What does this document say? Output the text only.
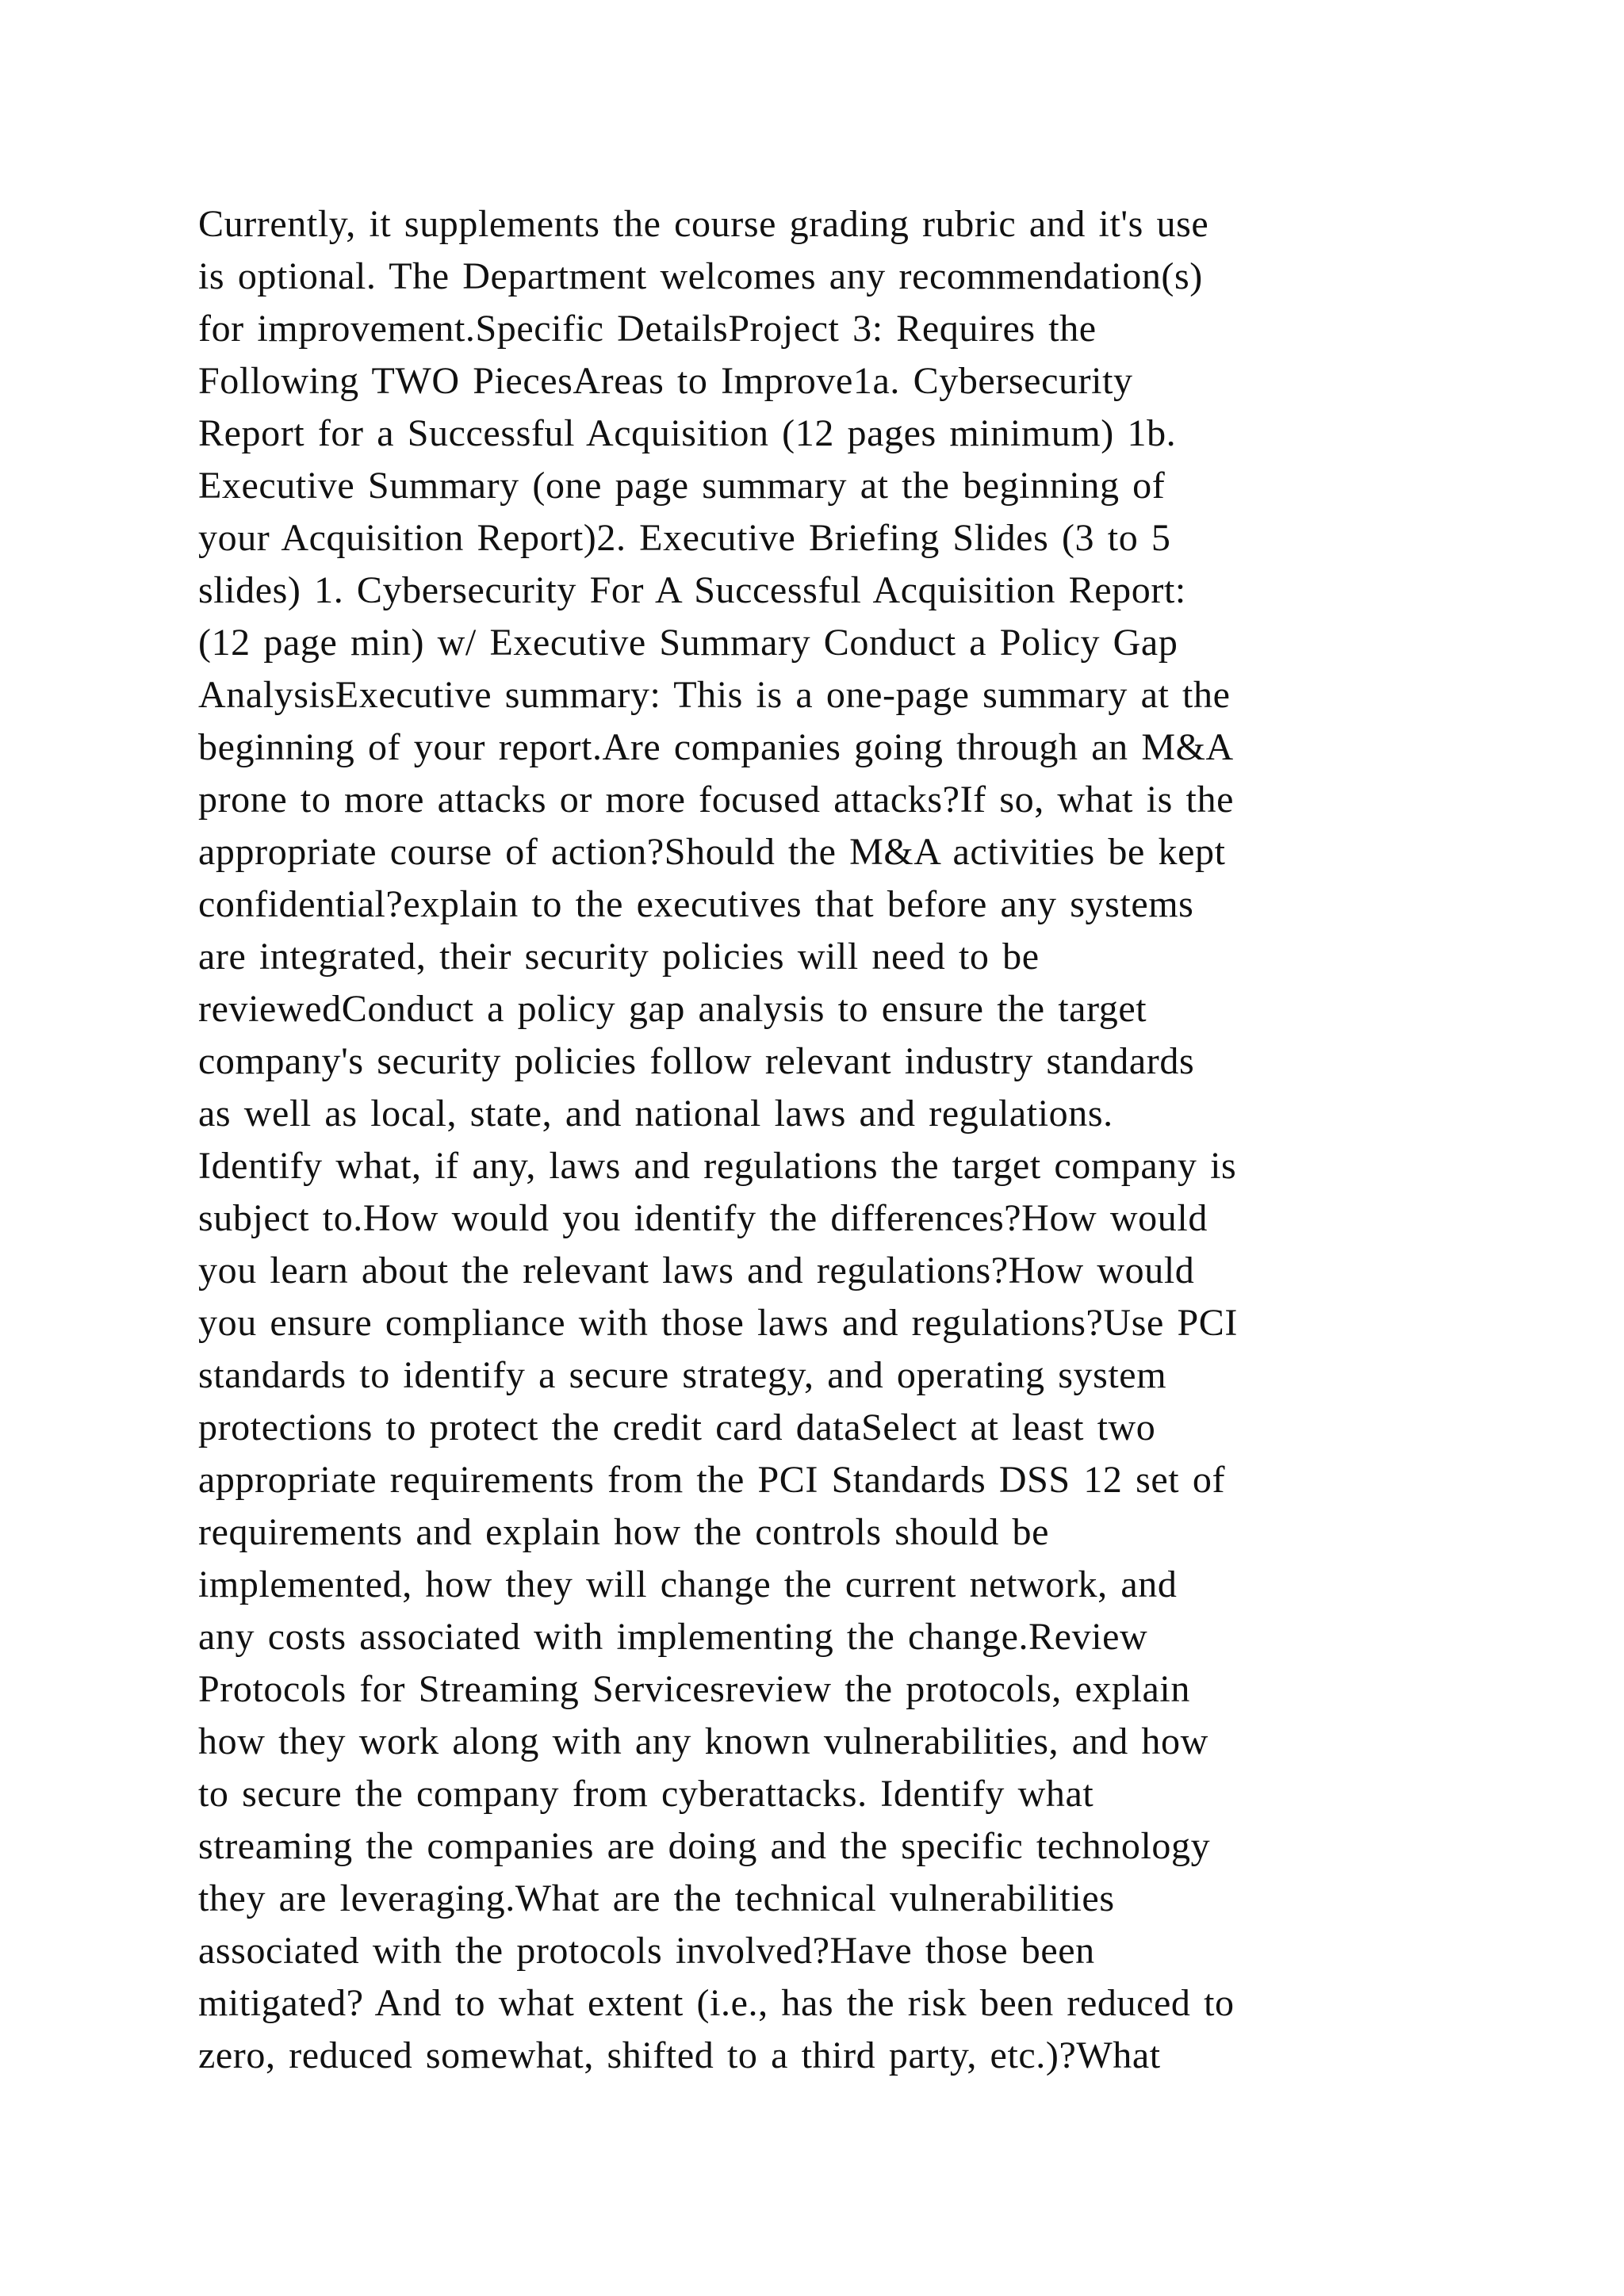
Currently, it supplements the course grading rubric and it's use
is optional. The Department welcomes any recommendation(s)
for improvement.Specific DetailsProject 3: Requires the
Following TWO PiecesAreas to Improve1a. Cybersecurity
Report for a Successful Acquisition (12 pages minimum) 1b.
Executive Summary (one page summary at the beginning of
your Acquisition Report)2. Executive Briefing Slides (3 to 5
slides) 1. Cybersecurity For A Successful Acquisition Report:
(12 page min) w/ Executive Summary Conduct a Policy Gap
AnalysisExecutive summary: This is a one-page summary at the
beginning of your report.Are companies going through an M&A
prone to more attacks or more focused attacks?If so, what is the
appropriate course of action?Should the M&A activities be kept
confidential?explain to the executives that before any systems
are integrated, their security policies will need to be
reviewedConduct a policy gap analysis to ensure the target
company's security policies follow relevant industry standards
as well as local, state, and national laws and regulations.
Identify what, if any, laws and regulations the target company is
subject to.How would you identify the differences?How would
you learn about the relevant laws and regulations?How would
you ensure compliance with those laws and regulations?Use PCI
standards to identify a secure strategy, and operating system
protections to protect the credit card dataSelect at least two
appropriate requirements from the PCI Standards DSS 12 set of
requirements and explain how the controls should be
implemented, how they will change the current network, and
any costs associated with implementing the change.Review
Protocols for Streaming Servicesreview the protocols, explain
how they work along with any known vulnerabilities, and how
to secure the company from cyberattacks. Identify what
streaming the companies are doing and the specific technology
they are leveraging.What are the technical vulnerabilities
associated with the protocols involved?Have those been
mitigated? And to what extent (i.e., has the risk been reduced to
zero, reduced somewhat, shifted to a third party, etc.)?What
